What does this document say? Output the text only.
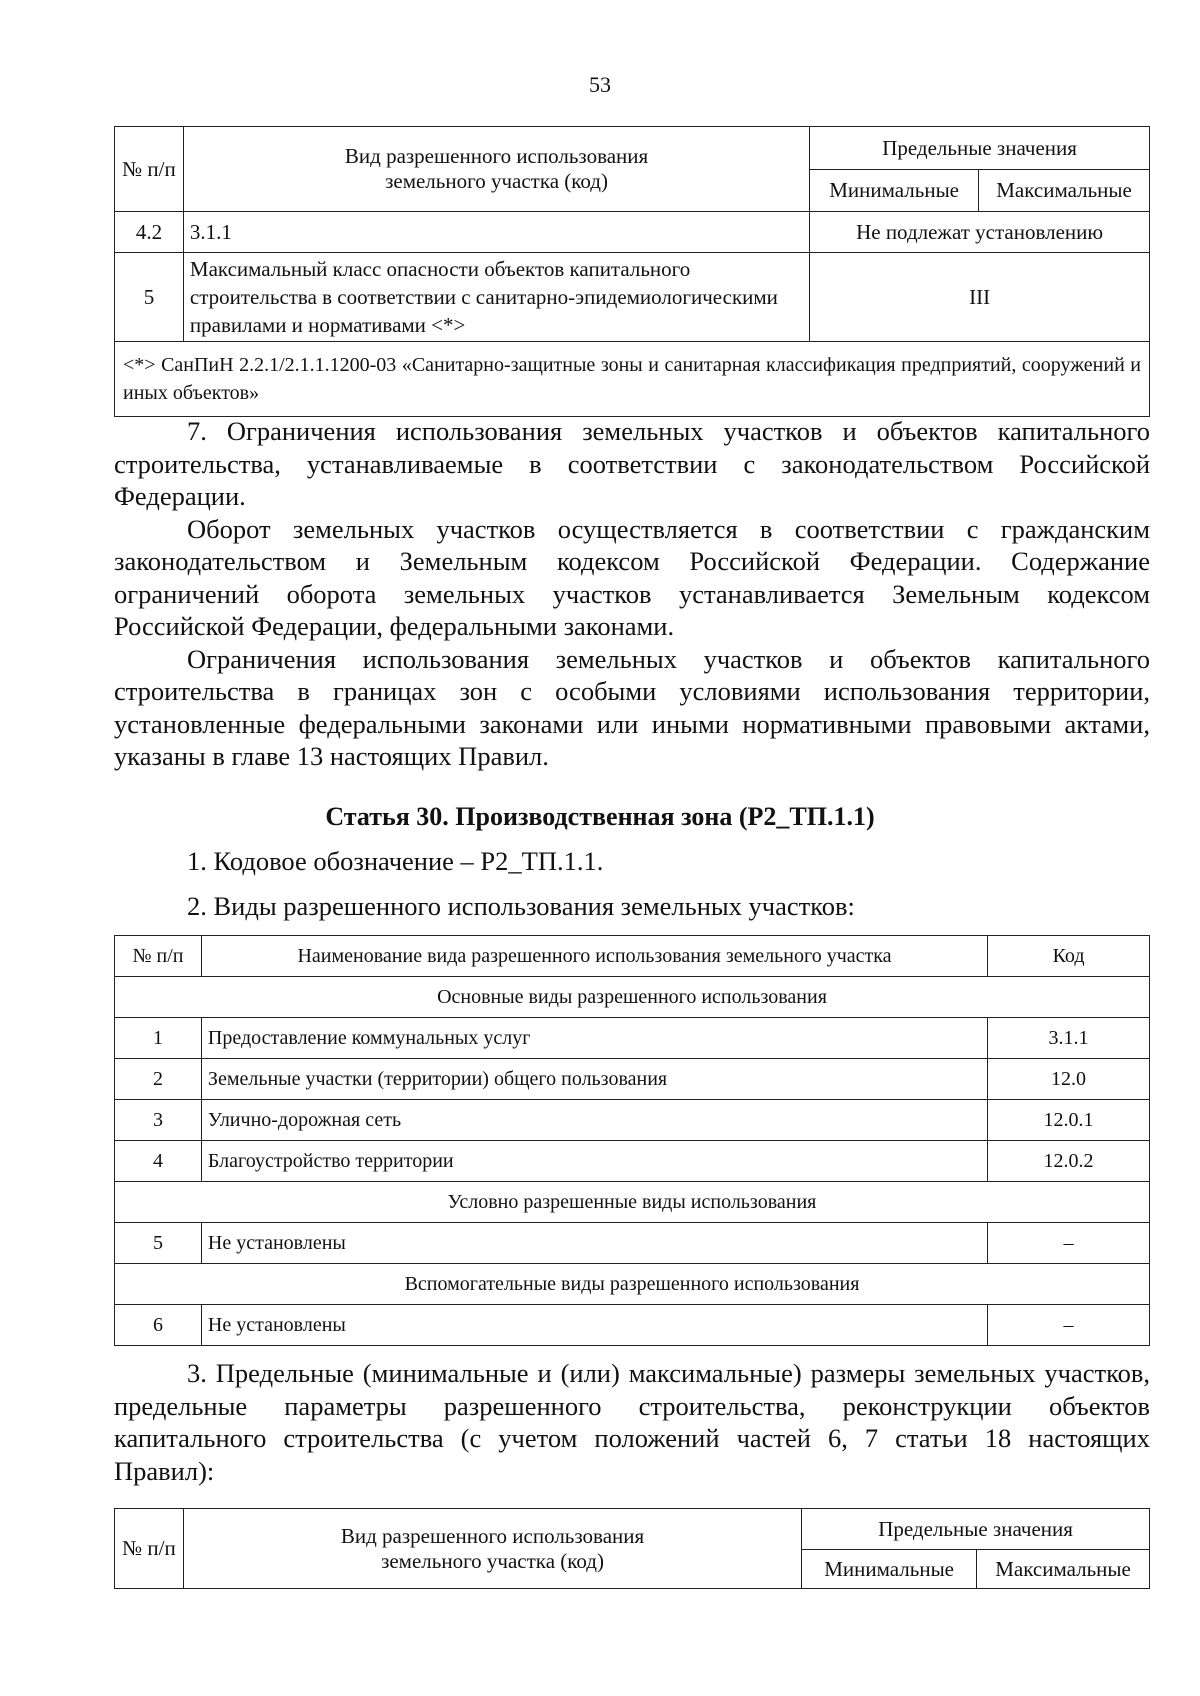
53
№ п/п	Вид разрешенного использования земельного участка (код)	Предельные значения	
		Минимальные	Максимальные
4.2	3.1.1	Не подлежат установлению	
5	Максимальный класс опасности объектов капитального строительства в соответствии с санитарно-эпидемиологическими правилами и нормативами <*>	III	
<*> СанПиН 2.2.1/2.1.1.1200-03 «Санитарно-защитные зоны и санитарная классификация предприятий, сооружений и иных объектов»			

7. Ограничения использования земельных участков и объектов капитального строительства, устанавливаемые в соответствии с законодательством Российской Федерации.

Оборот земельных участков осуществляется в соответствии с гражданским законодательством и Земельным кодексом Российской Федерации. Содержание ограничений оборота земельных участков устанавливается Земельным кодексом Российской Федерации, федеральными законами.

Ограничения использования земельных участков и объектов капитального строительства в границах зон с особыми условиями использования территории, установленные федеральными законами или иными нормативными правовыми актами, указаны в главе 13 настоящих Правил.

Статья 30. Производственная зона (Р2_ТП.1.1)
1. Кодовое обозначение – Р2_ТП.1.1.
2. Виды разрешенного использования земельных участков:
№ п/п	Наименование вида разрешенного использования земельного участка	Код
Основные виды разрешенного использования		
1	Предоставление коммунальных услуг	3.1.1
2	Земельные участки (территории) общего пользования	12.0
3	Улично-дорожная сеть	12.0.1
4	Благоустройство территории	12.0.2
Условно разрешенные виды использования		
5	Не установлены	–
Вспомогательные виды разрешенного использования		
6	Не установлены	–

3. Предельные (минимальные и (или) максимальные) размеры земельных участков, предельные параметры разрешенного строительства, реконструкции объектов капитального строительства (с учетом положений частей 6, 7 статьи 18 настоящих Правил):

№ п/п	Вид разрешенного использования земельного участка (код)	Предельные значения	
		Минимальные	Максимальные
